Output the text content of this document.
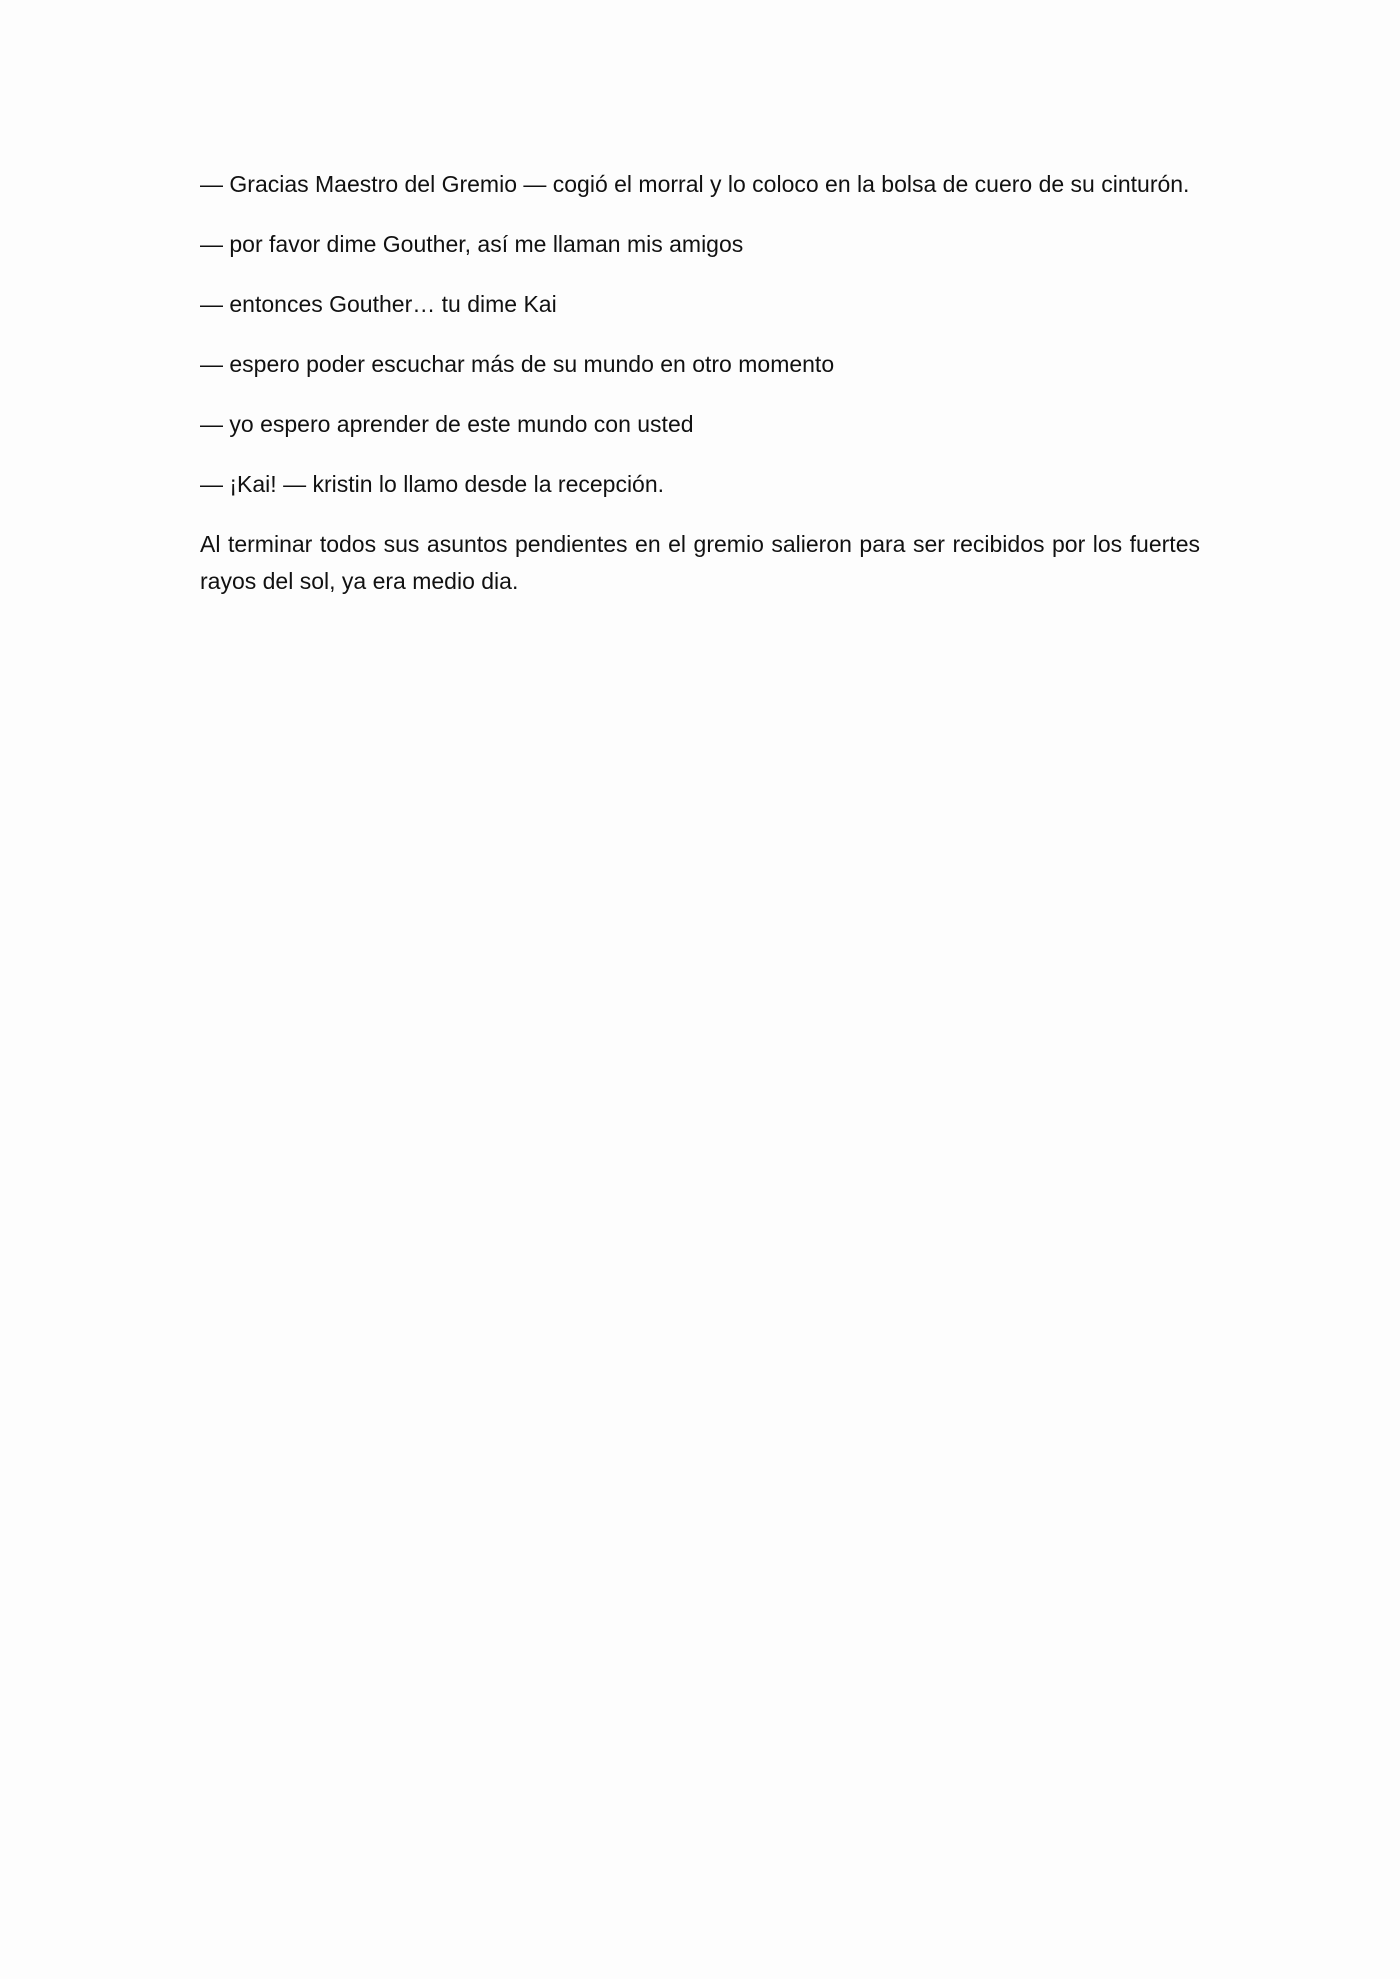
— Gracias Maestro del Gremio — cogió el morral y lo coloco en la bolsa de cuero de su cinturón.

— por favor dime Gouther, así me llaman mis amigos

— entonces Gouther… tu dime Kai

— espero poder escuchar más de su mundo en otro momento

— yo espero aprender de este mundo con usted

— ¡Kai! — kristin lo llamo desde la recepción.

Al terminar todos sus asuntos pendientes en el gremio salieron para ser recibidos por los fuertes rayos del sol, ya era medio dia.
